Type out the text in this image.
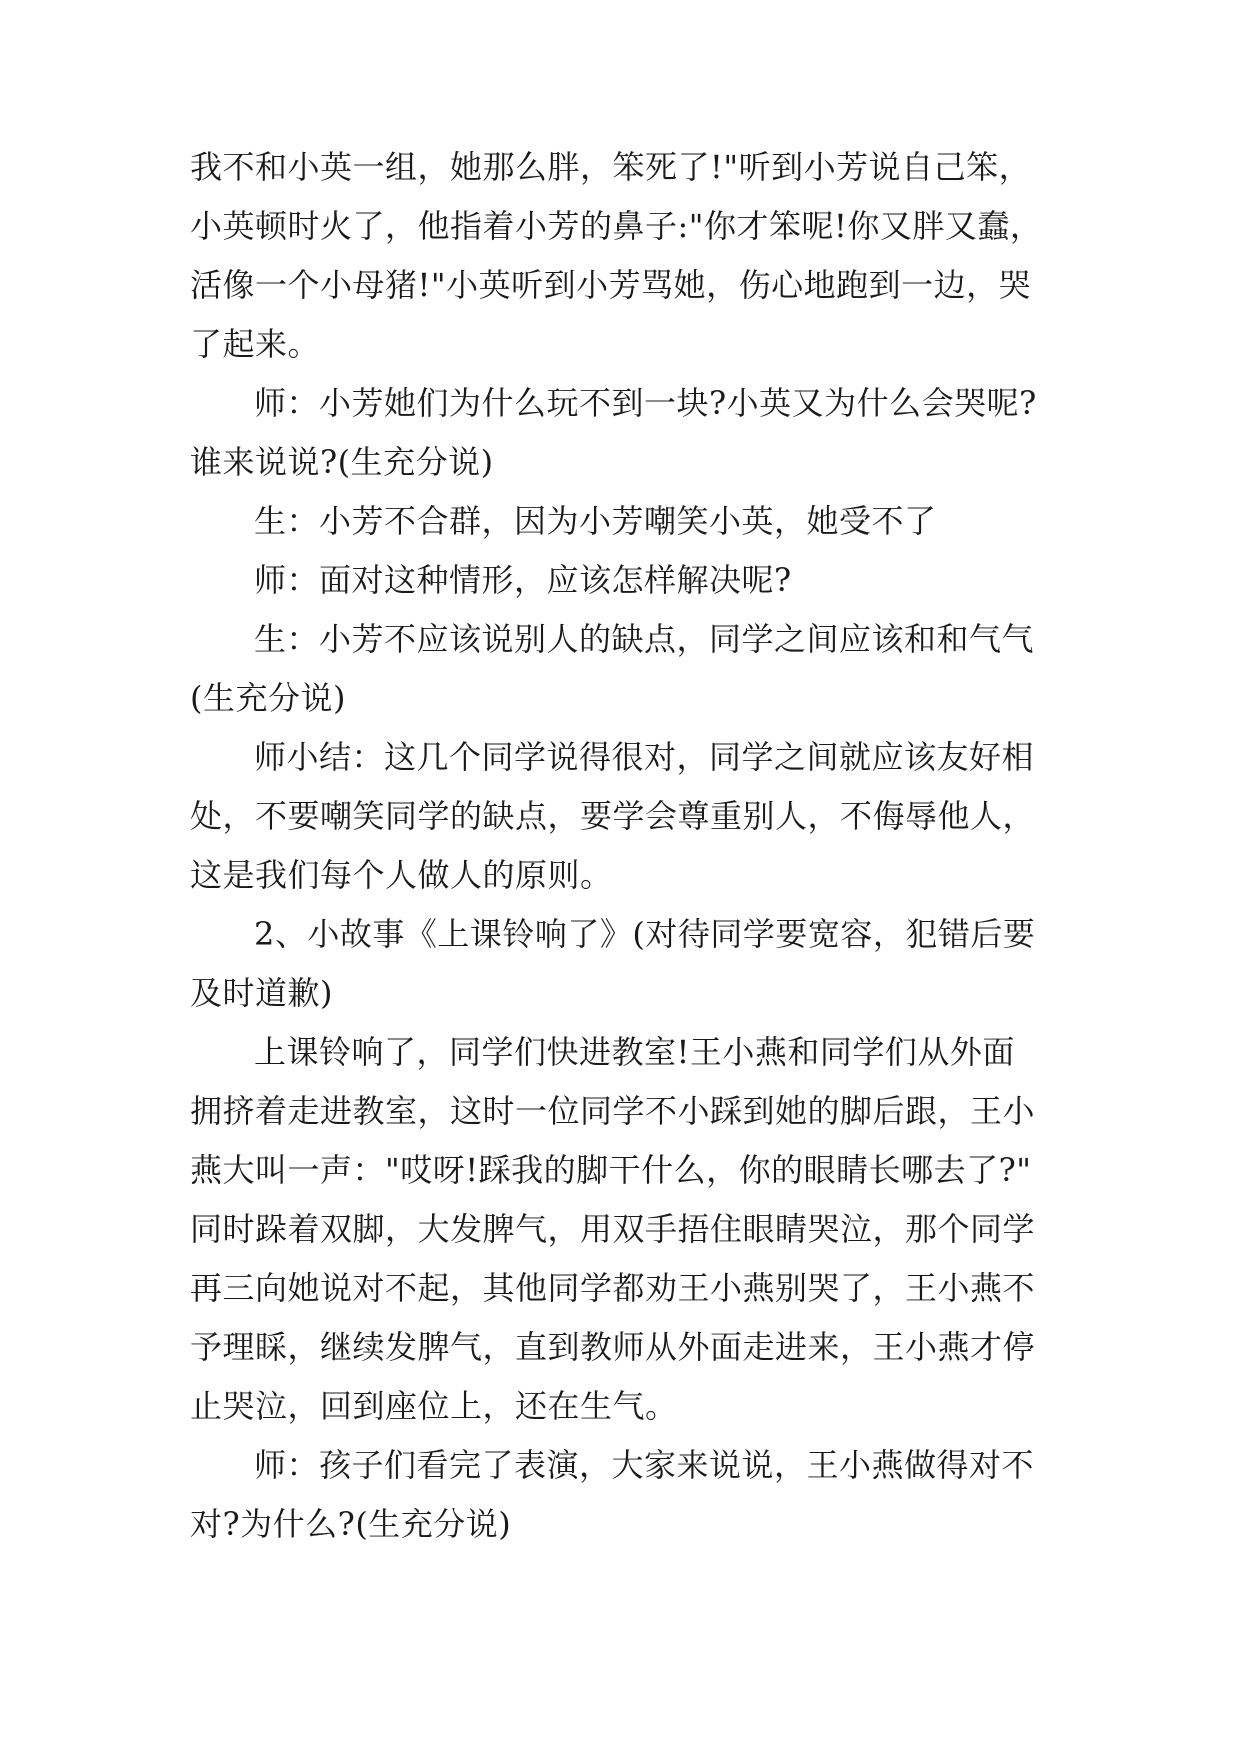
我不和小英一组，她那么胖，笨死了!"听到小芳说自己笨，
小英顿时火了，他指着小芳的鼻子:"你才笨呢!你又胖又蠢，
活像一个小母猪!"小英听到小芳骂她，伤心地跑到一边，哭
了起来。
师：小芳她们为什么玩不到一块?小英又为什么会哭呢?
谁来说说?(生充分说)
生：小芳不合群，因为小芳嘲笑小英，她受不了
师：面对这种情形，应该怎样解决呢?
生：小芳不应该说别人的缺点，同学之间应该和和气气
(生充分说)
师小结：这几个同学说得很对，同学之间就应该友好相
处，不要嘲笑同学的缺点，要学会尊重别人，不侮辱他人，
这是我们每个人做人的原则。
2、小故事《上课铃响了》(对待同学要宽容，犯错后要
及时道歉)
上课铃响了，同学们快进教室!王小燕和同学们从外面
拥挤着走进教室，这时一位同学不小踩到她的脚后跟，王小
燕大叫一声："哎呀!踩我的脚干什么，你的眼睛长哪去了?"
同时跺着双脚，大发脾气，用双手捂住眼睛哭泣，那个同学
再三向她说对不起，其他同学都劝王小燕别哭了，王小燕不
予理睬，继续发脾气，直到教师从外面走进来，王小燕才停
止哭泣，回到座位上，还在生气。
师：孩子们看完了表演，大家来说说，王小燕做得对不
对?为什么?(生充分说)
